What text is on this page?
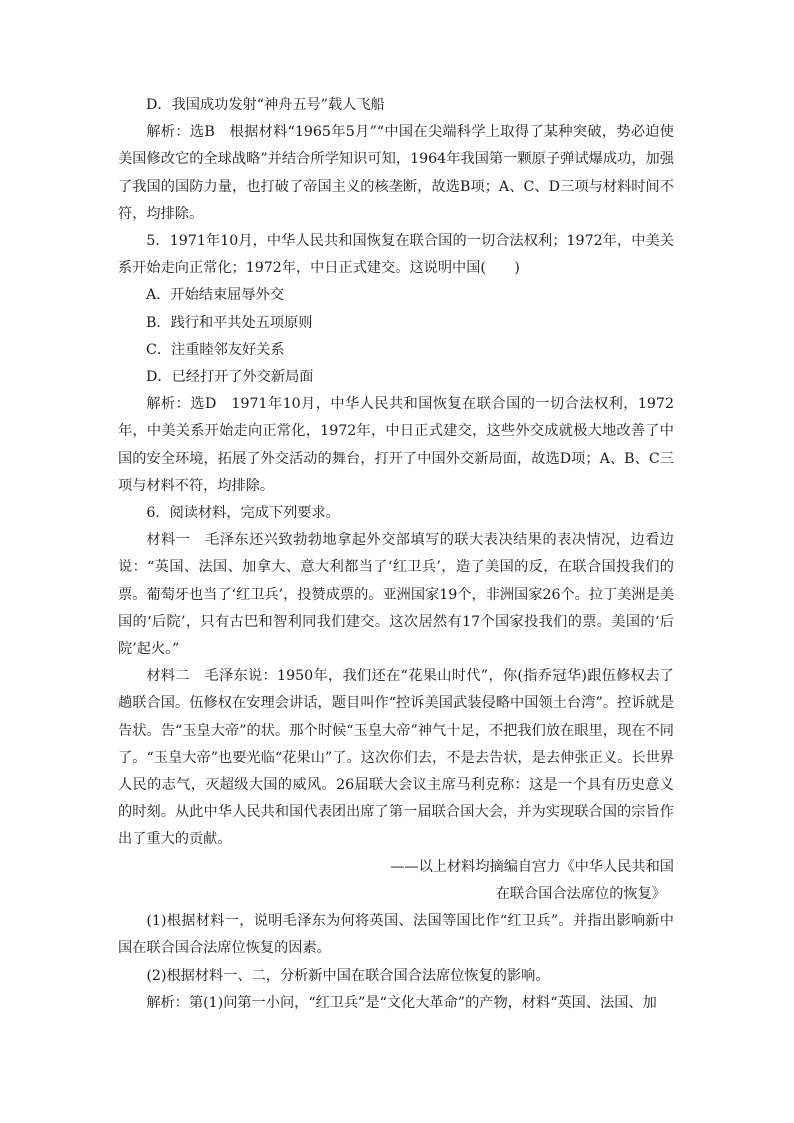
D．我国成功发射“神舟五号”载人飞船

解析：选B　根据材料“1965年5月”“中国在尖端科学上取得了某种突破，势必迫使美国修改它的全球战略”并结合所学知识可知，1964年我国第一颗原子弹试爆成功，加强了我国的国防力量，也打破了帝国主义的核垄断，故选B项；A、C、D三项与材料时间不符，均排除。

5．1971年10月，中华人民共和国恢复在联合国的一切合法权利；1972年，中美关系开始走向正常化；1972年，中日正式建交。这说明中国(　　)

A．开始结束屈辱外交

B．践行和平共处五项原则

C．注重睦邻友好关系

D．已经打开了外交新局面

解析：选D　1971年10月，中华人民共和国恢复在联合国的一切合法权利，1972年，中美关系开始走向正常化，1972年，中日正式建交，这些外交成就极大地改善了中国的安全环境，拓展了外交活动的舞台，打开了中国外交新局面，故选D项；A、B、C三项与材料不符，均排除。

6．阅读材料，完成下列要求。

材料一　毛泽东还兴致勃勃地拿起外交部填写的联大表决结果的表决情况，边看边说：“英国、法国、加拿大、意大利都当了‘红卫兵’，造了美国的反，在联合国投我们的票。葡萄牙也当了‘红卫兵’，投赞成票的。亚洲国家19个，非洲国家26个。拉丁美洲是美国的‘后院’，只有古巴和智利同我们建交。这次居然有17个国家投我们的票。美国的‘后院’起火。”

材料二　毛泽东说：1950年，我们还在“花果山时代”，你(指乔冠华)跟伍修权去了趟联合国。伍修权在安理会讲话，题目叫作“控诉美国武装侵略中国领土台湾”。控诉就是告状。告“玉皇大帝”的状。那个时候“玉皇大帝”神气十足，不把我们放在眼里，现在不同了。“玉皇大帝”也要光临“花果山”了。这次你们去，不是去告状，是去伸张正义。长世界人民的志气，灭超级大国的威风。26届联大会议主席马利克称：这是一个具有历史意义的时刻。从此中华人民共和国代表团出席了第一届联合国大会，并为实现联合国的宗旨作出了重大的贡献。

——以上材料均摘编自宫力《中华人民共和国
在联合国合法席位的恢复》

(1)根据材料一，说明毛泽东为何将英国、法国等国比作“红卫兵”。并指出影响新中国在联合国合法席位恢复的因素。

(2)根据材料一、二，分析新中国在联合国合法席位恢复的影响。

解析：第(1)问第一小问，“红卫兵”是“文化大革命”的产物，材料“英国、法国、加
